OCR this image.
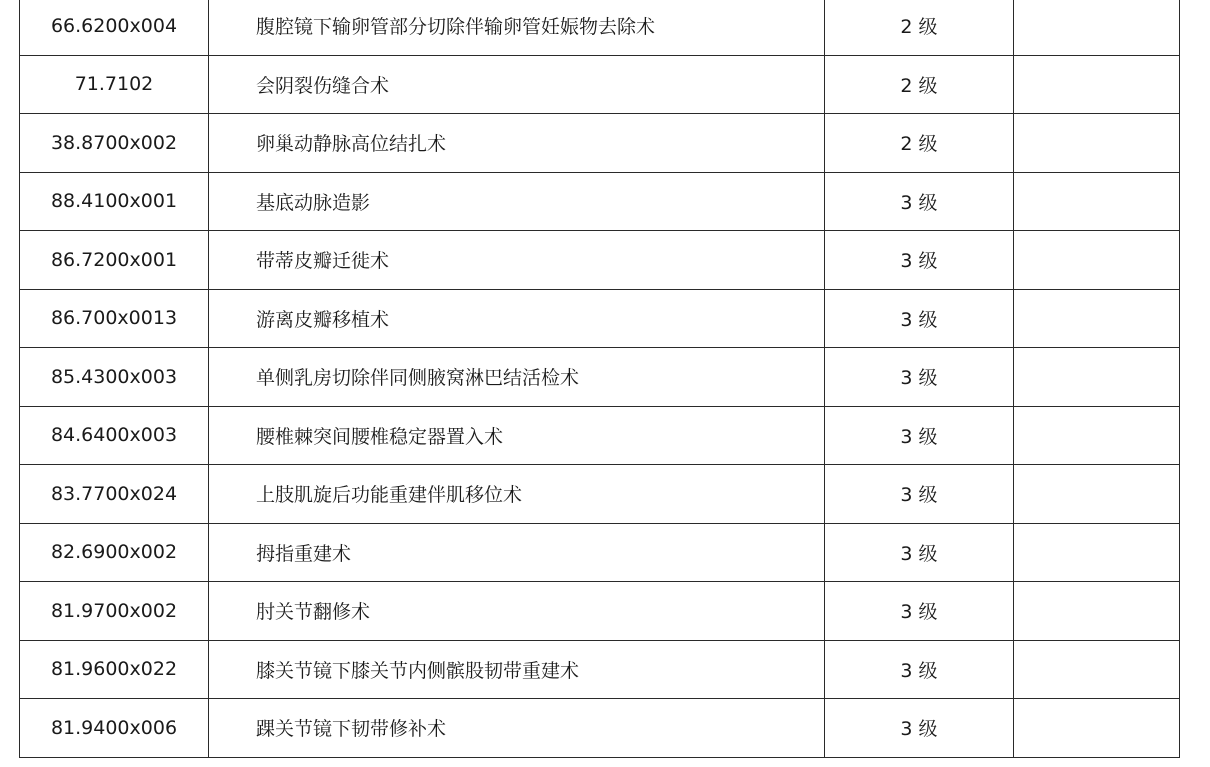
66.6200x004	腹腔镜下输卵管部分切除伴输卵管妊娠物去除术	2 级	
71.7102	会阴裂伤缝合术	2 级	
38.8700x002	卵巢动静脉高位结扎术	2 级	
88.4100x001	基底动脉造影	3 级	
86.7200x001	带蒂皮瓣迁徙术	3 级	
86.700x0013	游离皮瓣移植术	3 级	
85.4300x003	单侧乳房切除伴同侧腋窝淋巴结活检术	3 级	
84.6400x003	腰椎棘突间腰椎稳定器置入术	3 级	
83.7700x024	上肢肌旋后功能重建伴肌移位术	3 级	
82.6900x002	拇指重建术	3 级	
81.9700x002	肘关节翻修术	3 级	
81.9600x022	膝关节镜下膝关节内侧髌股韧带重建术	3 级	
81.9400x006	踝关节镜下韧带修补术	3 级	
